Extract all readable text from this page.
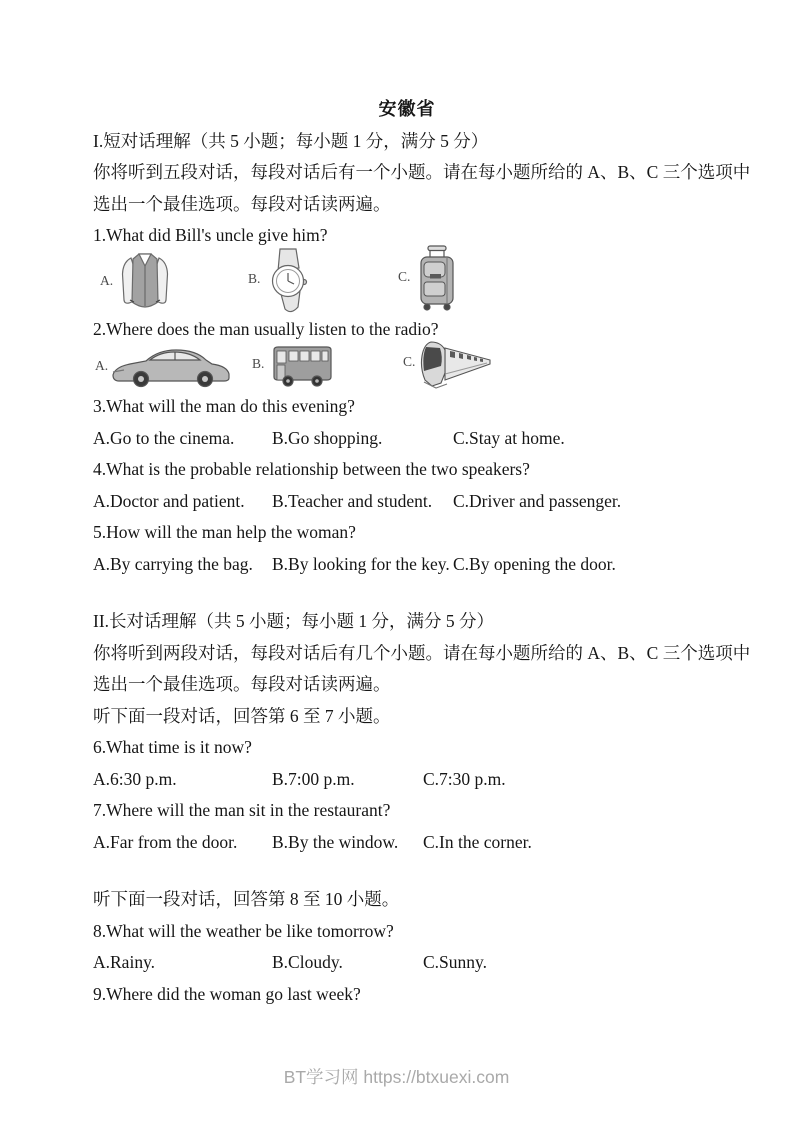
安徽省
I.短对话理解（共 5 小题；每小题 1 分，满分 5 分）
你将听到五段对话，每段对话后有一个小题。请在每小题所给的 A、B、C 三个选项中
选出一个最佳选项。每段对话读两遍。
1.What did Bill's uncle give him?
A.	B.	C.
2.Where does the man usually listen to the radio?
A.	B.	C.
3.What will the man do this evening?
A.Go to the cinema.	B.Go shopping.	C.Stay at home.
4.What is the probable relationship between the two speakers?
A.Doctor and patient.	B.Teacher and student.	C.Driver and passenger.
5.How will the man help the woman?
A.By carrying the bag.	B.By looking for the key. C.By opening the door.
II.长对话理解（共 5 小题；每小题 1 分，满分 5 分）
你将听到两段对话，每段对话后有几个小题。请在每小题所给的 A、B、C 三个选项中
选出一个最佳选项。每段对话读两遍。
听下面一段对话，回答第 6 至 7 小题。
6.What time is it now?
A.6:30 p.m.	B.7:00 p.m.	C.7:30 p.m.
7.Where will the man sit in the restaurant?
A.Far from the door.	B.By the window.	C.In the corner.
听下面一段对话，回答第 8 至 10 小题。
8.What will the weather be like tomorrow?
A.Rainy.	B.Cloudy.	C.Sunny.
9.Where did the woman go last week?
BT学习网 https://btxuexi.com
